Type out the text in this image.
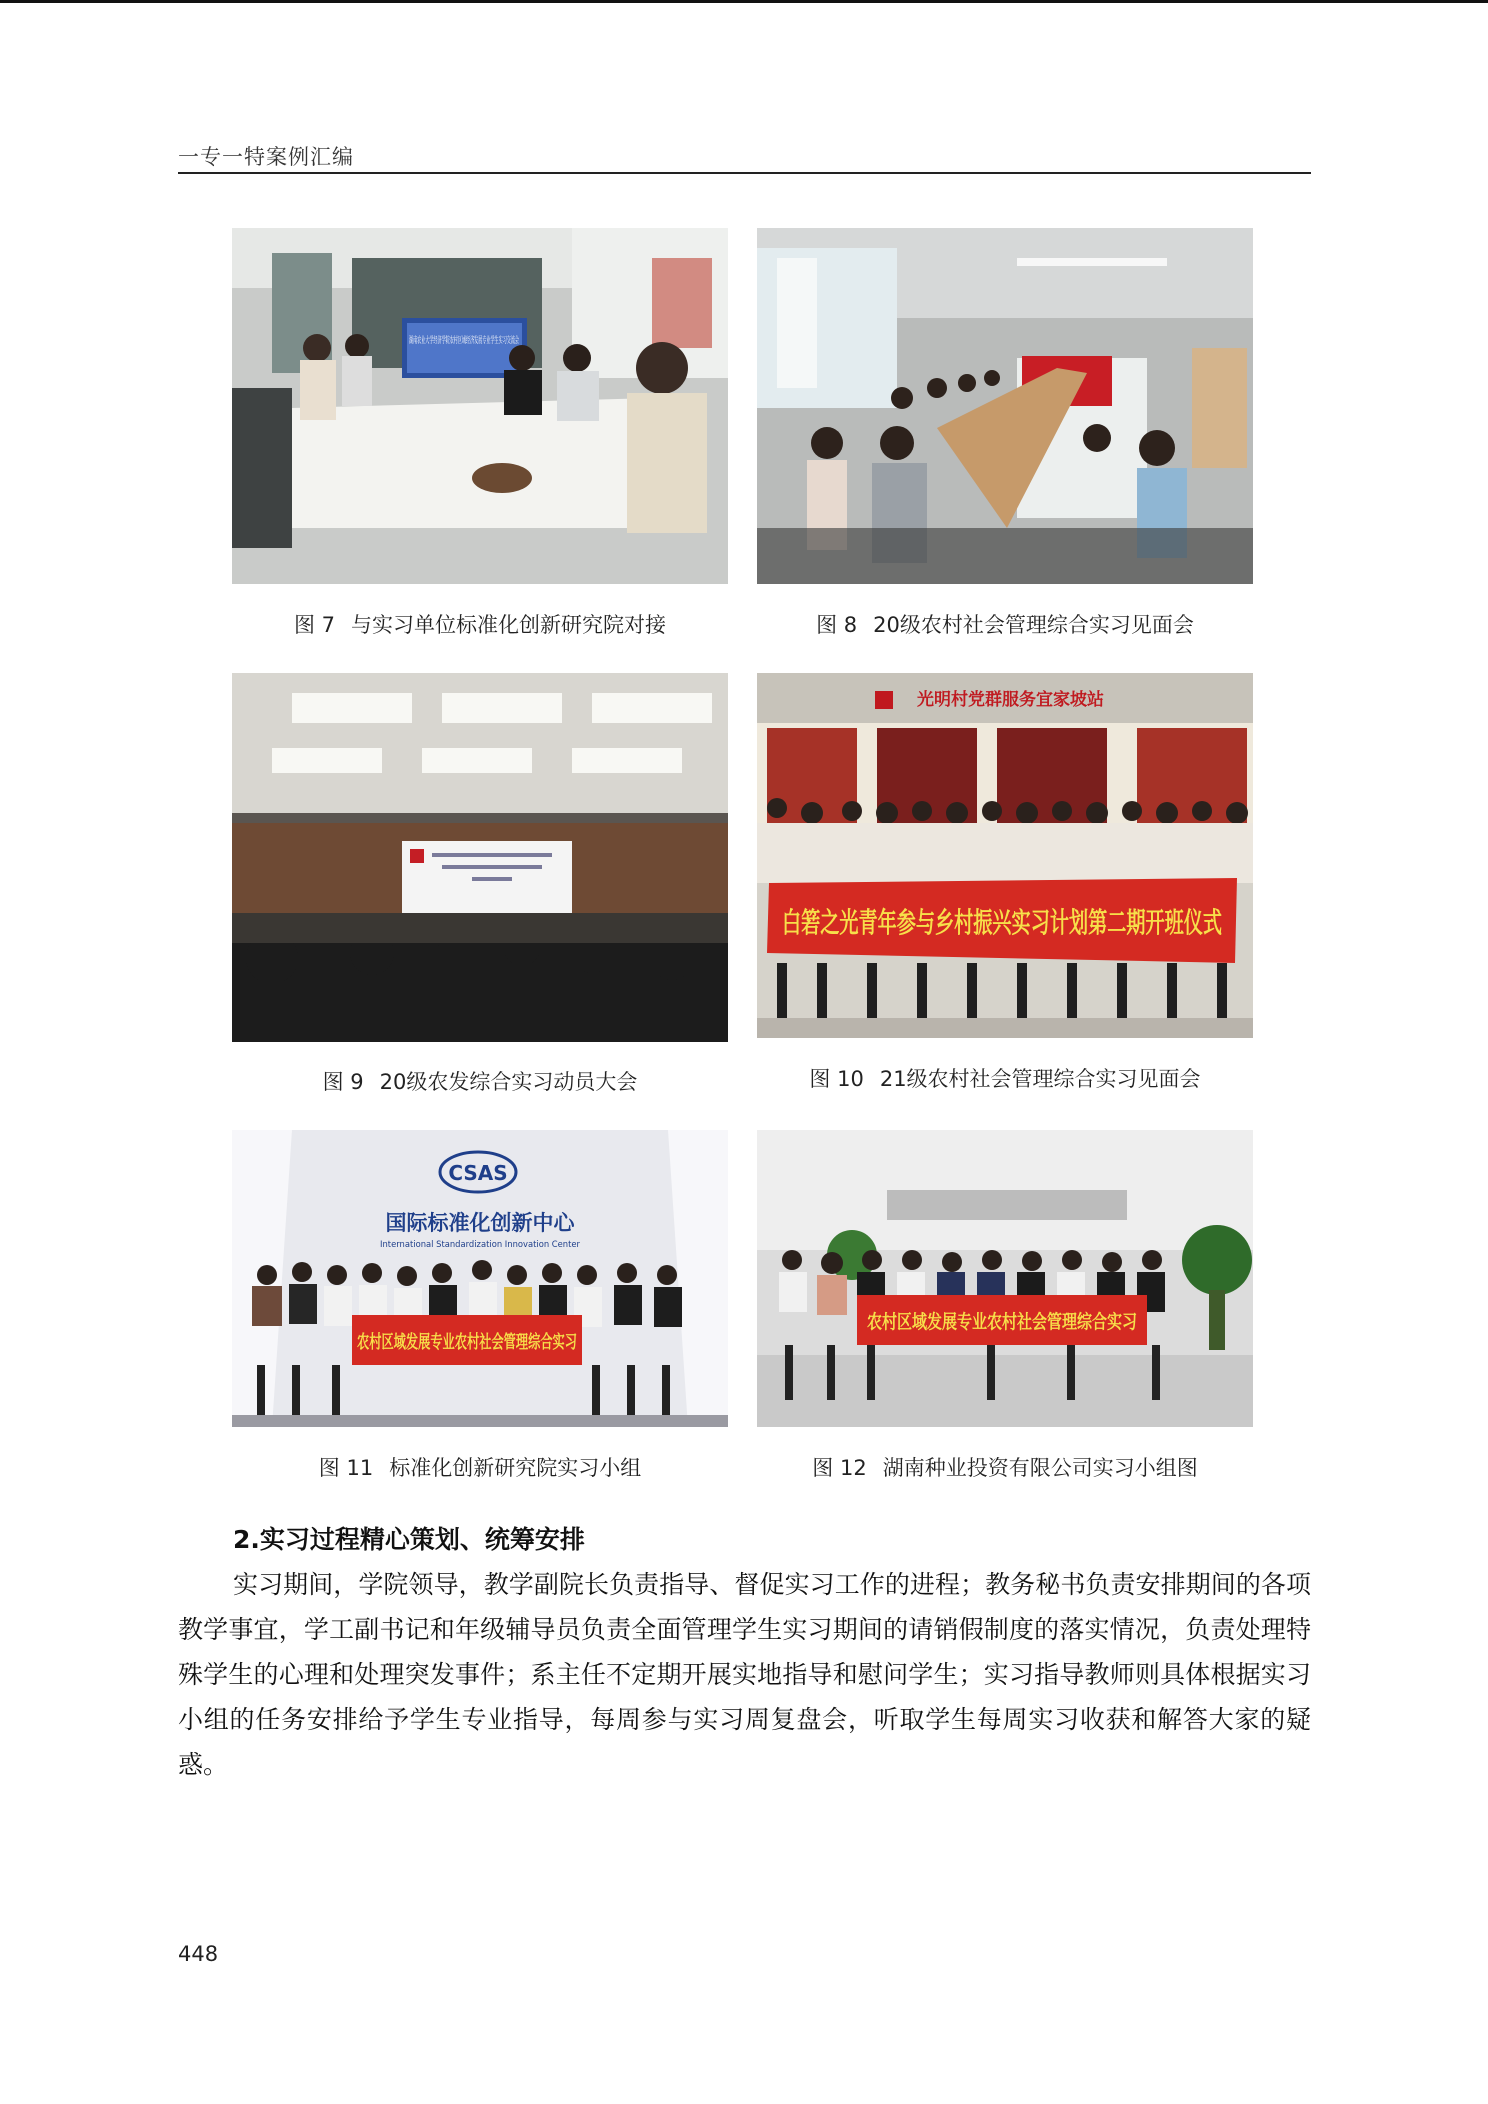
一专一特案例汇编
图 7 与实习单位标准化创新研究院对接	图 8 20级农村社会管理综合实习见面会
图 9 20级农发综合实习动员大会
光明村党群服务宜家坡站
白箬之光青年参与乡村振兴实习计划第二期开班仪式
图 10 21级农村社会管理综合实习见面会
CSAS
国际标准化创新中心
International Standardization Innovation Center
农村区域发展专业农村社会管理综合实习
图 11 标准化创新研究院实习小组
农村区域发展专业农村社会管理综合实习
图 12 湖南种业投资有限公司实习小组图
2.实习过程精心策划、统筹安排

实习期间，学院领导，教学副院长负责指导、督促实习工作的进程；教务秘书负责安排期间的各项教学事宜，学工副书记和年级辅导员负责全面管理学生实习期间的请销假制度的落实情况，负责处理特殊学生的心理和处理突发事件；系主任不定期开展实地指导和慰问学生；实习指导教师则具体根据实习小组的任务安排给予学生专业指导，每周参与实习周复盘会，听取学生每周实习收获和解答大家的疑惑。

448
